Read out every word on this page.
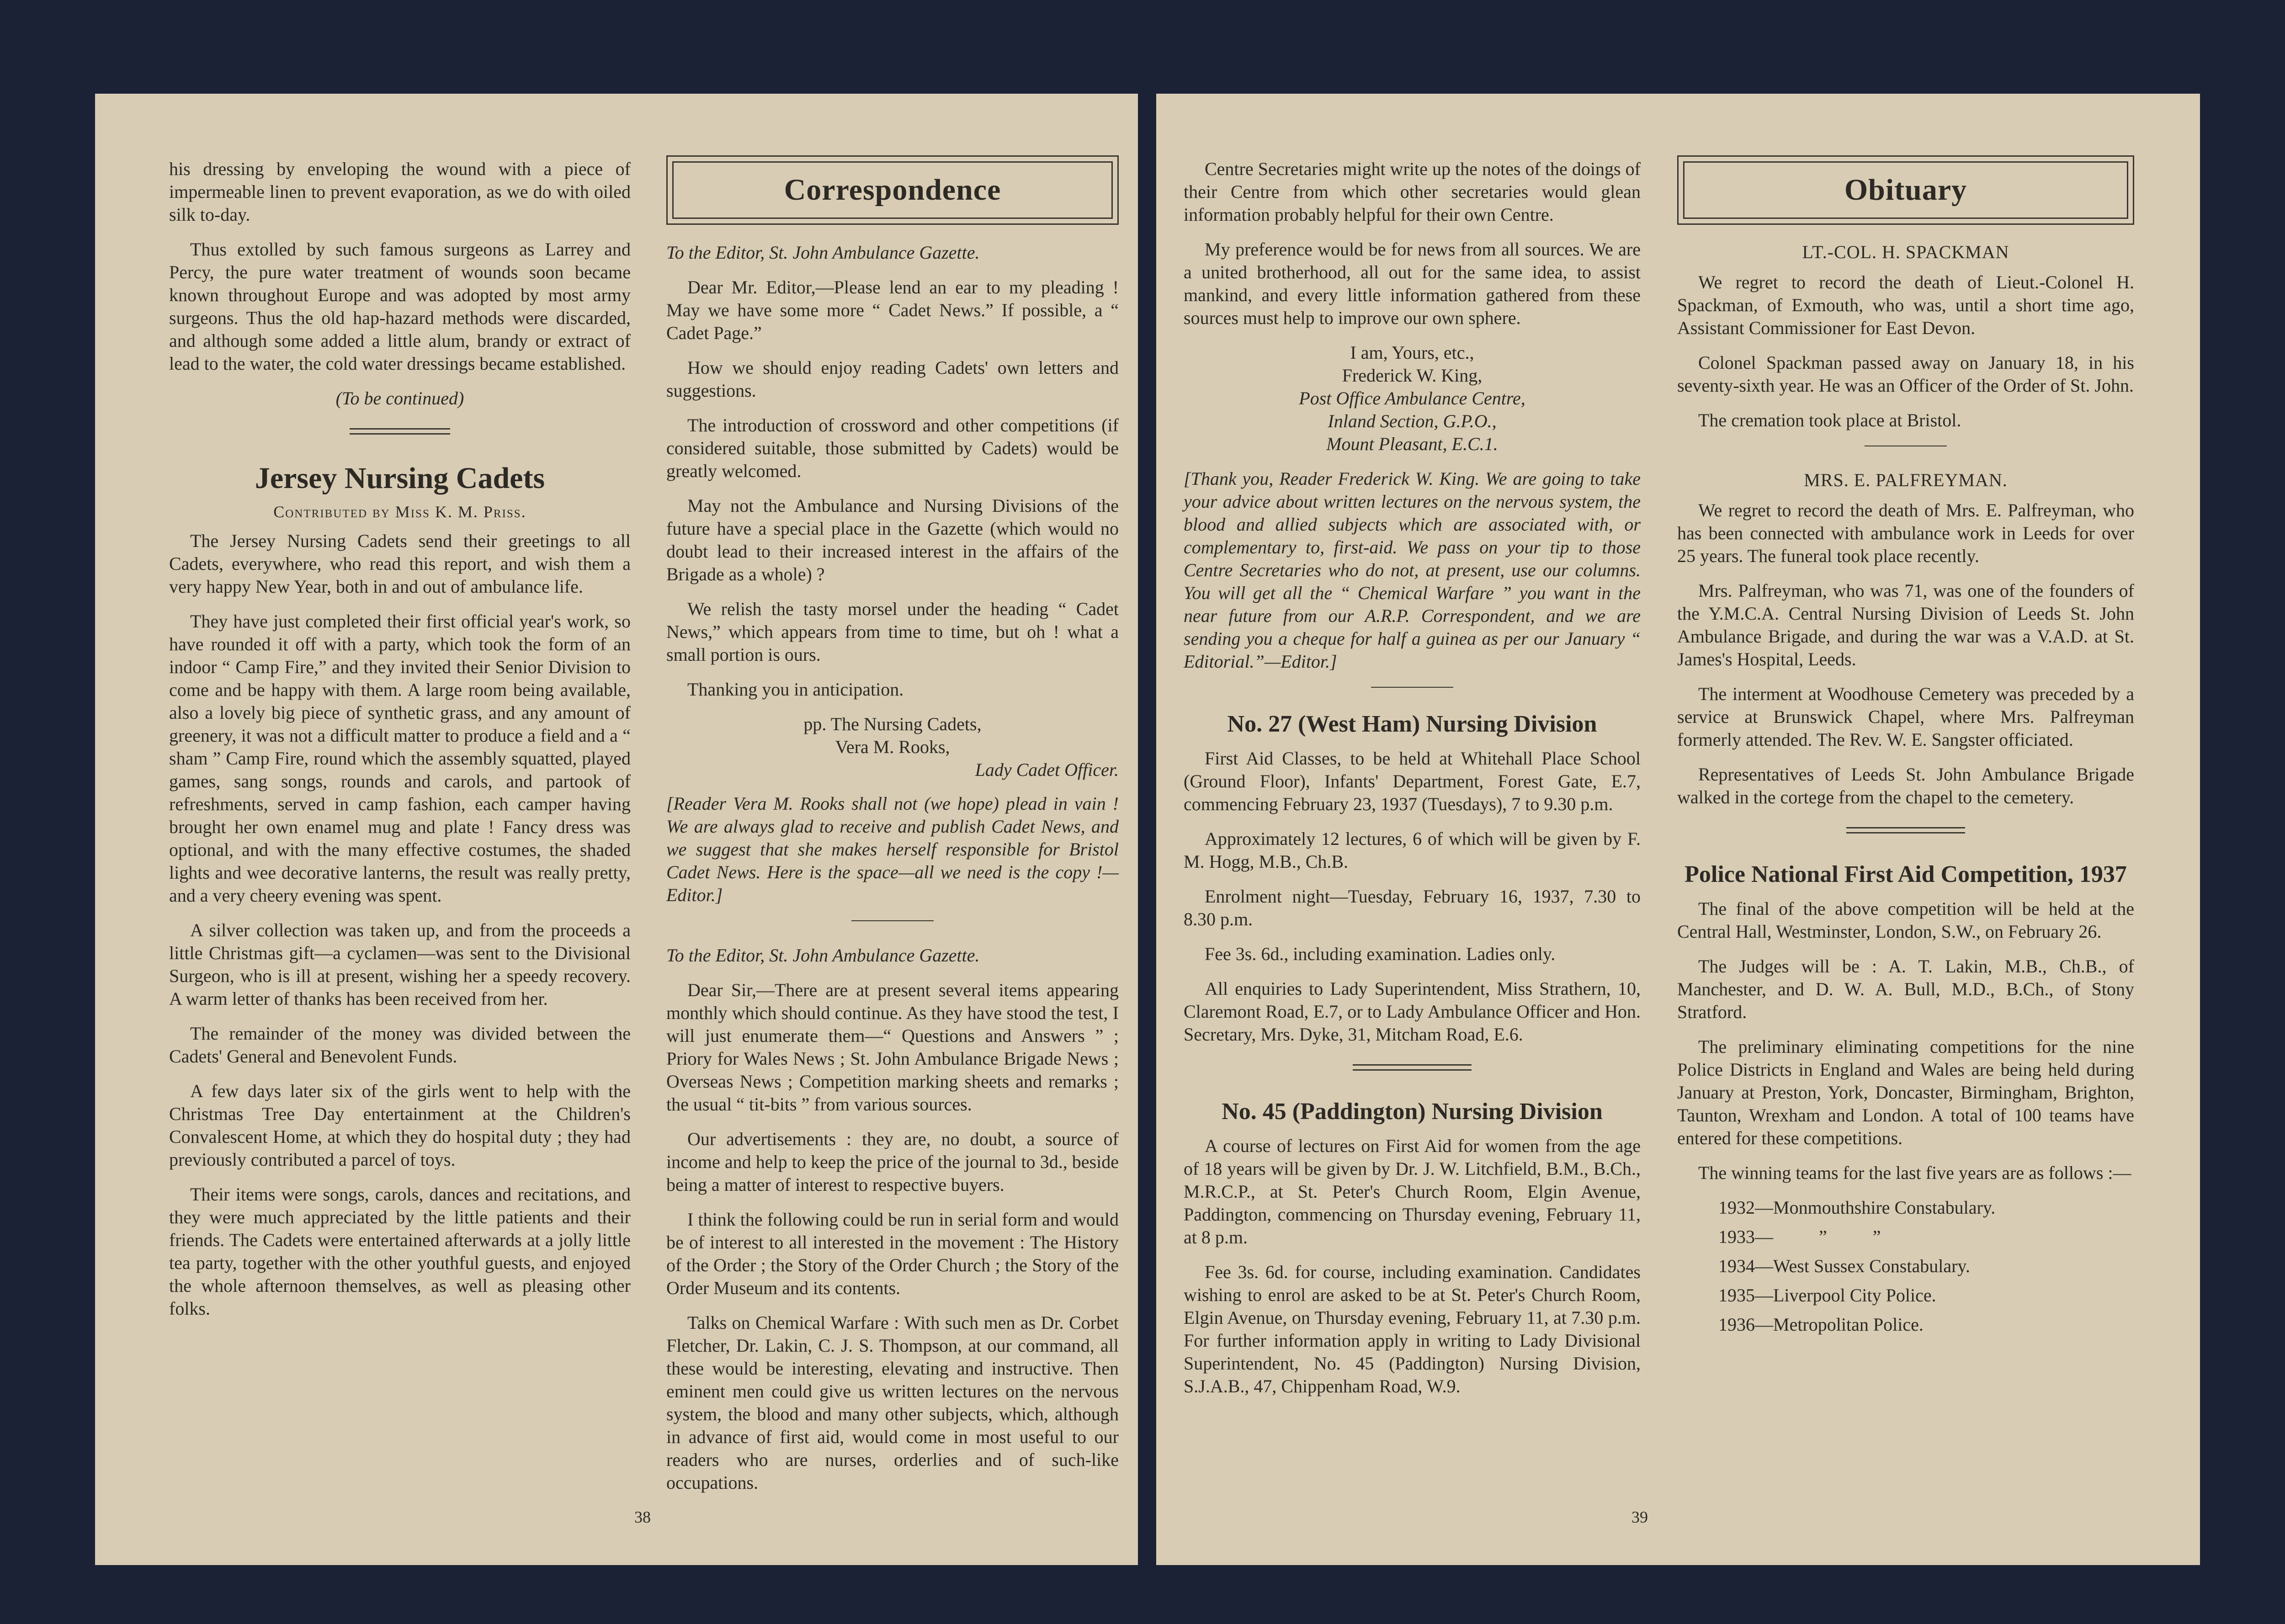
his dressing by enveloping the wound with a piece of impermeable linen to prevent evaporation, as we do with oiled silk to-day.

Thus extolled by such famous surgeons as Larrey and Percy, the pure water treatment of wounds soon became known throughout Europe and was adopted by most army surgeons. Thus the old hap-hazard methods were discarded, and although some added a little alum, brandy or extract of lead to the water, the cold water dressings became established.

(To be continued)

Jersey Nursing Cadets
Contributed by Miss K. M. Priss.

The Jersey Nursing Cadets send their greetings to all Cadets, everywhere, who read this report, and wish them a very happy New Year, both in and out of ambulance life.

They have just completed their first official year's work, so have rounded it off with a party, which took the form of an indoor “ Camp Fire,” and they invited their Senior Division to come and be happy with them. A large room being available, also a lovely big piece of synthetic grass, and any amount of greenery, it was not a difficult matter to produce a field and a “ sham ” Camp Fire, round which the assembly squatted, played games, sang songs, rounds and carols, and partook of refreshments, served in camp fashion, each camper having brought her own enamel mug and plate ! Fancy dress was optional, and with the many effective costumes, the shaded lights and wee decorative lanterns, the result was really pretty, and a very cheery evening was spent.

A silver collection was taken up, and from the proceeds a little Christmas gift—a cyclamen—was sent to the Divisional Surgeon, who is ill at present, wishing her a speedy recovery. A warm letter of thanks has been received from her.

The remainder of the money was divided between the Cadets' General and Benevolent Funds.

A few days later six of the girls went to help with the Christmas Tree Day entertainment at the Children's Convalescent Home, at which they do hospital duty ; they had previously contributed a parcel of toys.

Their items were songs, carols, dances and recitations, and they were much appreciated by the little patients and their friends. The Cadets were entertained afterwards at a jolly little tea party, together with the other youthful guests, and enjoyed the whole afternoon themselves, as well as pleasing other folks.

Correspondence

To the Editor, St. John Ambulance Gazette.

Dear Mr. Editor,—Please lend an ear to my pleading ! May we have some more “ Cadet News.” If possible, a “ Cadet Page.”

How we should enjoy reading Cadets' own letters and suggestions.

The introduction of crossword and other competitions (if considered suitable, those submitted by Cadets) would be greatly welcomed.

May not the Ambulance and Nursing Divisions of the future have a special place in the Gazette (which would no doubt lead to their increased interest in the affairs of the Brigade as a whole) ?

We relish the tasty morsel under the heading “ Cadet News,” which appears from time to time, but oh ! what a small portion is ours.

Thanking you in anticipation.

pp. The Nursing Cadets,

Vera M. Rooks,

Lady Cadet Officer.

[Reader Vera M. Rooks shall not (we hope) plead in vain ! We are always glad to receive and publish Cadet News, and we suggest that she makes herself responsible for Bristol Cadet News. Here is the space—all we need is the copy !—Editor.]

To the Editor, St. John Ambulance Gazette.

Dear Sir,—There are at present several items appearing monthly which should continue. As they have stood the test, I will just enumerate them—“ Questions and Answers ” ; Priory for Wales News ; St. John Ambulance Brigade News ; Overseas News ; Competition marking sheets and remarks ; the usual “ tit-bits ” from various sources.

Our advertisements : they are, no doubt, a source of income and help to keep the price of the journal to 3d., beside being a matter of interest to respective buyers.

I think the following could be run in serial form and would be of interest to all interested in the movement : The History of the Order ; the Story of the Order Church ; the Story of the Order Museum and its contents.

Talks on Chemical Warfare : With such men as Dr. Corbet Fletcher, Dr. Lakin, C. J. S. Thompson, at our command, all these would be interesting, elevating and instructive. Then eminent men could give us written lectures on the nervous system, the blood and many other subjects, which, although in advance of first aid, would come in most useful to our readers who are nurses, orderlies and of such-like occupations.

38

Centre Secretaries might write up the notes of the doings of their Centre from which other secretaries would glean information probably helpful for their own Centre.

My preference would be for news from all sources. We are a united brotherhood, all out for the same idea, to assist mankind, and every little information gathered from these sources must help to improve our own sphere.

I am, Yours, etc.,

Frederick W. King,

Post Office Ambulance Centre,

Inland Section, G.P.O.,

Mount Pleasant, E.C.1.

[Thank you, Reader Frederick W. King. We are going to take your advice about written lectures on the nervous system, the blood and allied subjects which are associated with, or complementary to, first-aid. We pass on your tip to those Centre Secretaries who do not, at present, use our columns. You will get all the “ Chemical Warfare ” you want in the near future from our A.R.P. Correspondent, and we are sending you a cheque for half a guinea as per our January “ Editorial.”—Editor.]

No. 27 (West Ham) Nursing Division

First Aid Classes, to be held at Whitehall Place School (Ground Floor), Infants' Department, Forest Gate, E.7, commencing February 23, 1937 (Tuesdays), 7 to 9.30 p.m.

Approximately 12 lectures, 6 of which will be given by F. M. Hogg, M.B., Ch.B.

Enrolment night—Tuesday, February 16, 1937, 7.30 to 8.30 p.m.

Fee 3s. 6d., including examination. Ladies only.

All enquiries to Lady Superintendent, Miss Strathern, 10, Claremont Road, E.7, or to Lady Ambulance Officer and Hon. Secretary, Mrs. Dyke, 31, Mitcham Road, E.6.

No. 45 (Paddington) Nursing Division

A course of lectures on First Aid for women from the age of 18 years will be given by Dr. J. W. Litchfield, B.M., B.Ch., M.R.C.P., at St. Peter's Church Room, Elgin Avenue, Paddington, commencing on Thursday evening, February 11, at 8 p.m.

Fee 3s. 6d. for course, including examination. Candidates wishing to enrol are asked to be at St. Peter's Church Room, Elgin Avenue, on Thursday evening, February 11, at 7.30 p.m. For further information apply in writing to Lady Divisional Superintendent, No. 45 (Paddington) Nursing Division, S.J.A.B., 47, Chippenham Road, W.9.

Obituary
LT.-COL. H. SPACKMAN

We regret to record the death of Lieut.-Colonel H. Spackman, of Exmouth, who was, until a short time ago, Assistant Commissioner for East Devon.

Colonel Spackman passed away on January 18, in his seventy-sixth year. He was an Officer of the Order of St. John.

The cremation took place at Bristol.

MRS. E. PALFREYMAN.

We regret to record the death of Mrs. E. Palfreyman, who has been connected with ambulance work in Leeds for over 25 years. The funeral took place recently.

Mrs. Palfreyman, who was 71, was one of the founders of the Y.M.C.A. Central Nursing Division of Leeds St. John Ambulance Brigade, and during the war was a V.A.D. at St. James's Hospital, Leeds.

The interment at Woodhouse Cemetery was preceded by a service at Brunswick Chapel, where Mrs. Palfreyman formerly attended. The Rev. W. E. Sangster officiated.

Representatives of Leeds St. John Ambulance Brigade walked in the cortege from the chapel to the cemetery.

Police National First Aid Competition, 1937

The final of the above competition will be held at the Central Hall, Westminster, London, S.W., on February 26.

The Judges will be : A. T. Lakin, M.B., Ch.B., of Manchester, and D. W. A. Bull, M.D., B.Ch., of Stony Stratford.

The preliminary eliminating competitions for the nine Police Districts in England and Wales are being held during January at Preston, York, Doncaster, Birmingham, Brighton, Taunton, Wrexham and London. A total of 100 teams have entered for these competitions.

The winning teams for the last five years are as follows :—

1932—Monmouthshire Constabulary.

1933—          ”          ”

1934—West Sussex Constabulary.

1935—Liverpool City Police.

1936—Metropolitan Police.

39
